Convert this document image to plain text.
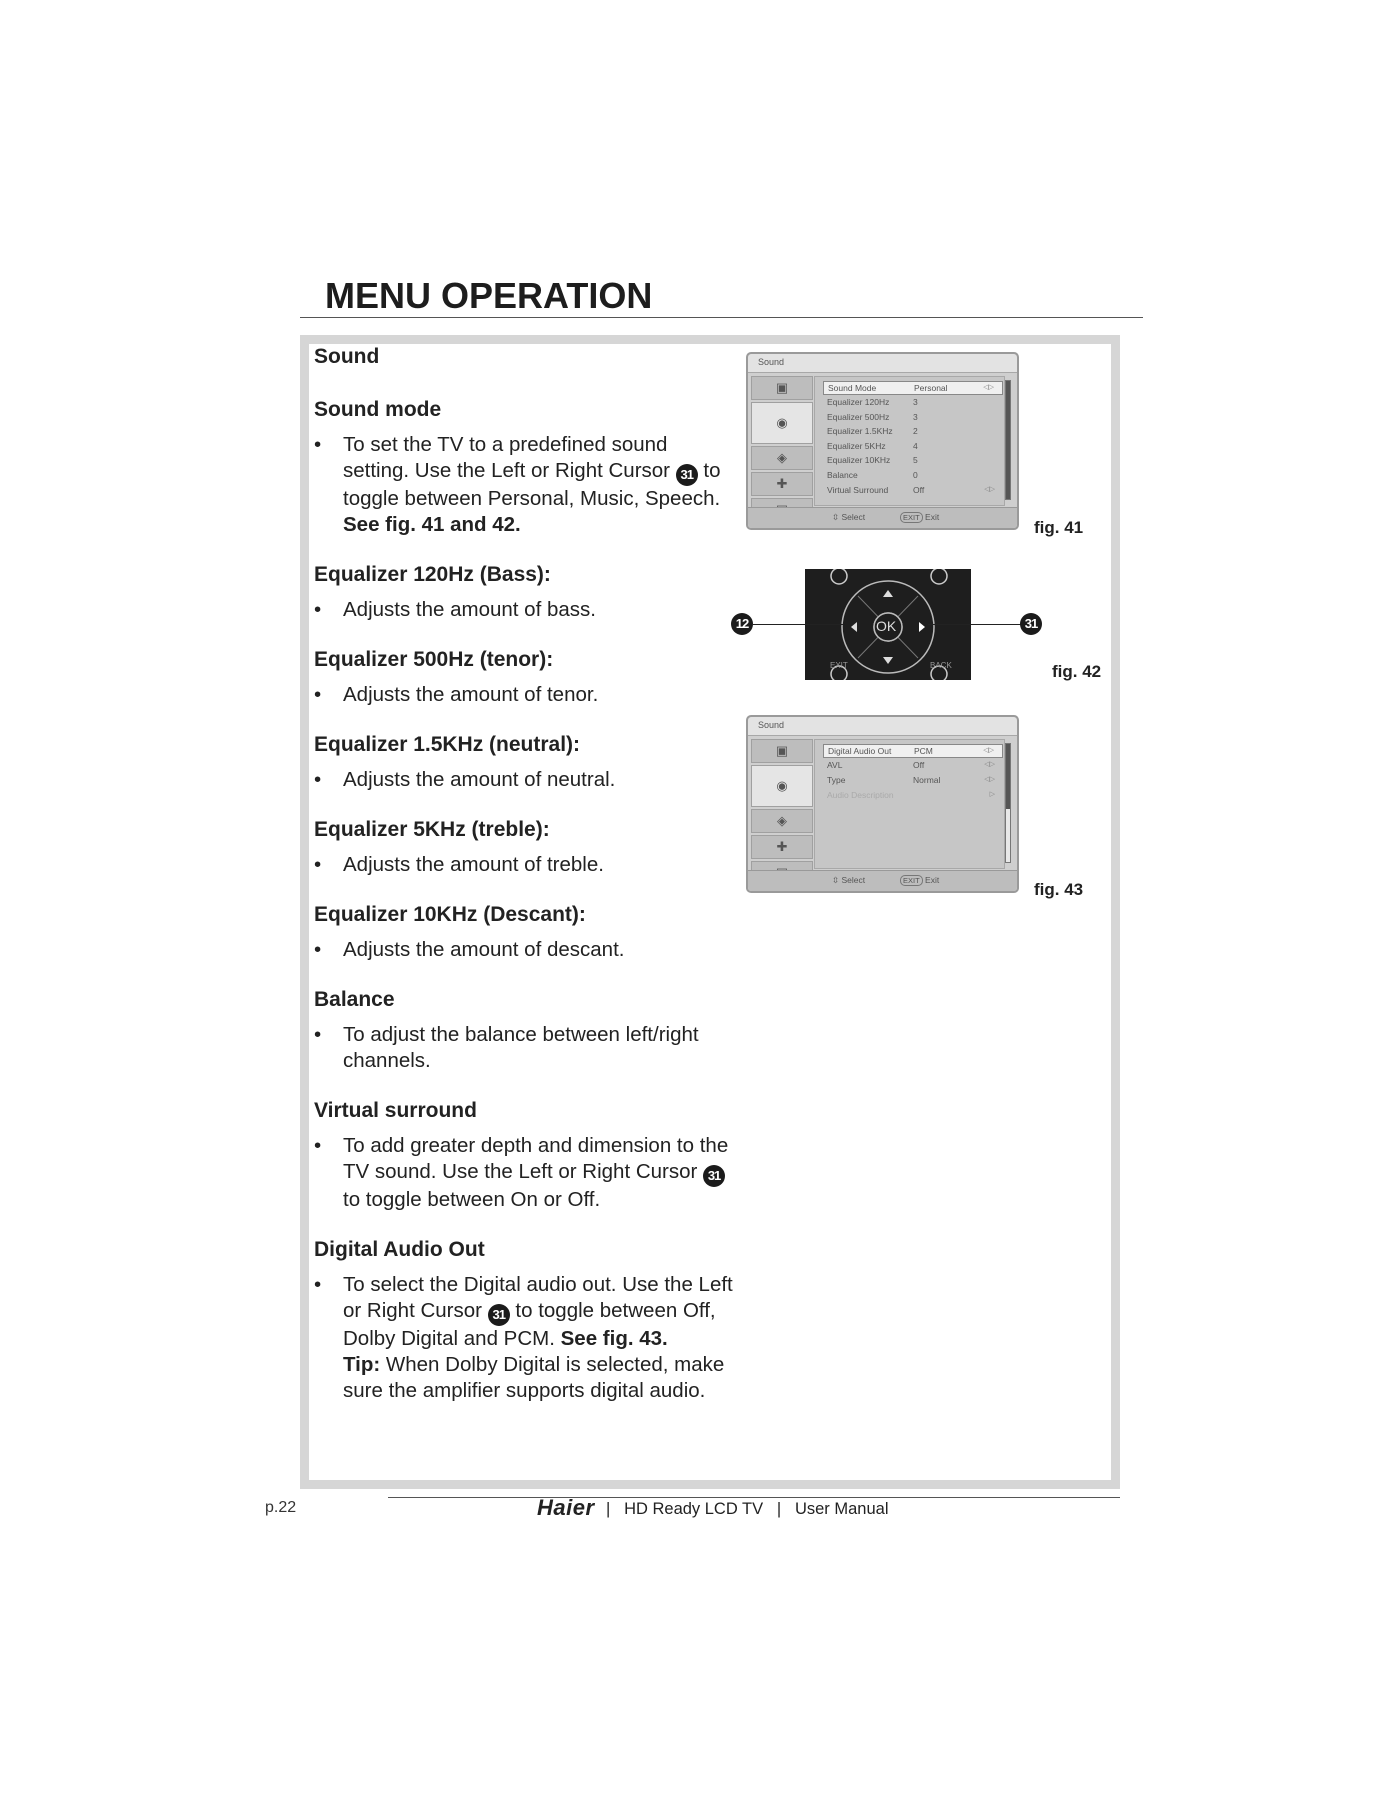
MENU OPERATION
Sound
Sound mode
• To set the TV to a predefined sound setting. Use the Left or Right Cursor 31 to toggle between Personal, Music, Speech.
See fig. 41 and 42.
Equalizer 120Hz (Bass):
• Adjusts the amount of bass.
Equalizer 500Hz (tenor):
• Adjusts the amount of tenor.
Equalizer 1.5KHz (neutral):
• Adjusts the amount of neutral.
Equalizer 5KHz (treble):
• Adjusts the amount of treble.
Equalizer 10KHz (Descant):
• Adjusts the amount of descant.
Balance
• To adjust the balance between left/right channels.
Virtual surround
• To add greater depth and dimension to the TV sound. Use the Left or Right Cursor 31 to toggle between On or Off.
Digital Audio Out
• To select the Digital audio out. Use the Left or Right Cursor 31 to toggle between Off, Dolby Digital and PCM. See fig. 43.
Tip: When Dolby Digital is selected, make sure the amplifier supports digital audio.
Sound
▣
◉
◈
✚
Sound Mode	Personal	◁▷
Equalizer 120Hz	3
Equalizer 500Hz	3
Equalizer 1.5KHz 2
Equalizer 5KHz	4
Equalizer 10KHz	5
Balance	0
Virtual Surround	Off	◁▷
⇳ Select	EXIT Exit
fig. 41
OK
EXIT	BACK
12	31
fig. 42
Sound
▣
◉
◈
✚
Digital Audio Out	PCM	◁▷
AVL	Off	◁▷
Type	Normal	◁▷
Audio Description	▷
⇳ Select	EXIT Exit	fig. 43
p.22	Haier | HD Ready LCD TV | User Manual
